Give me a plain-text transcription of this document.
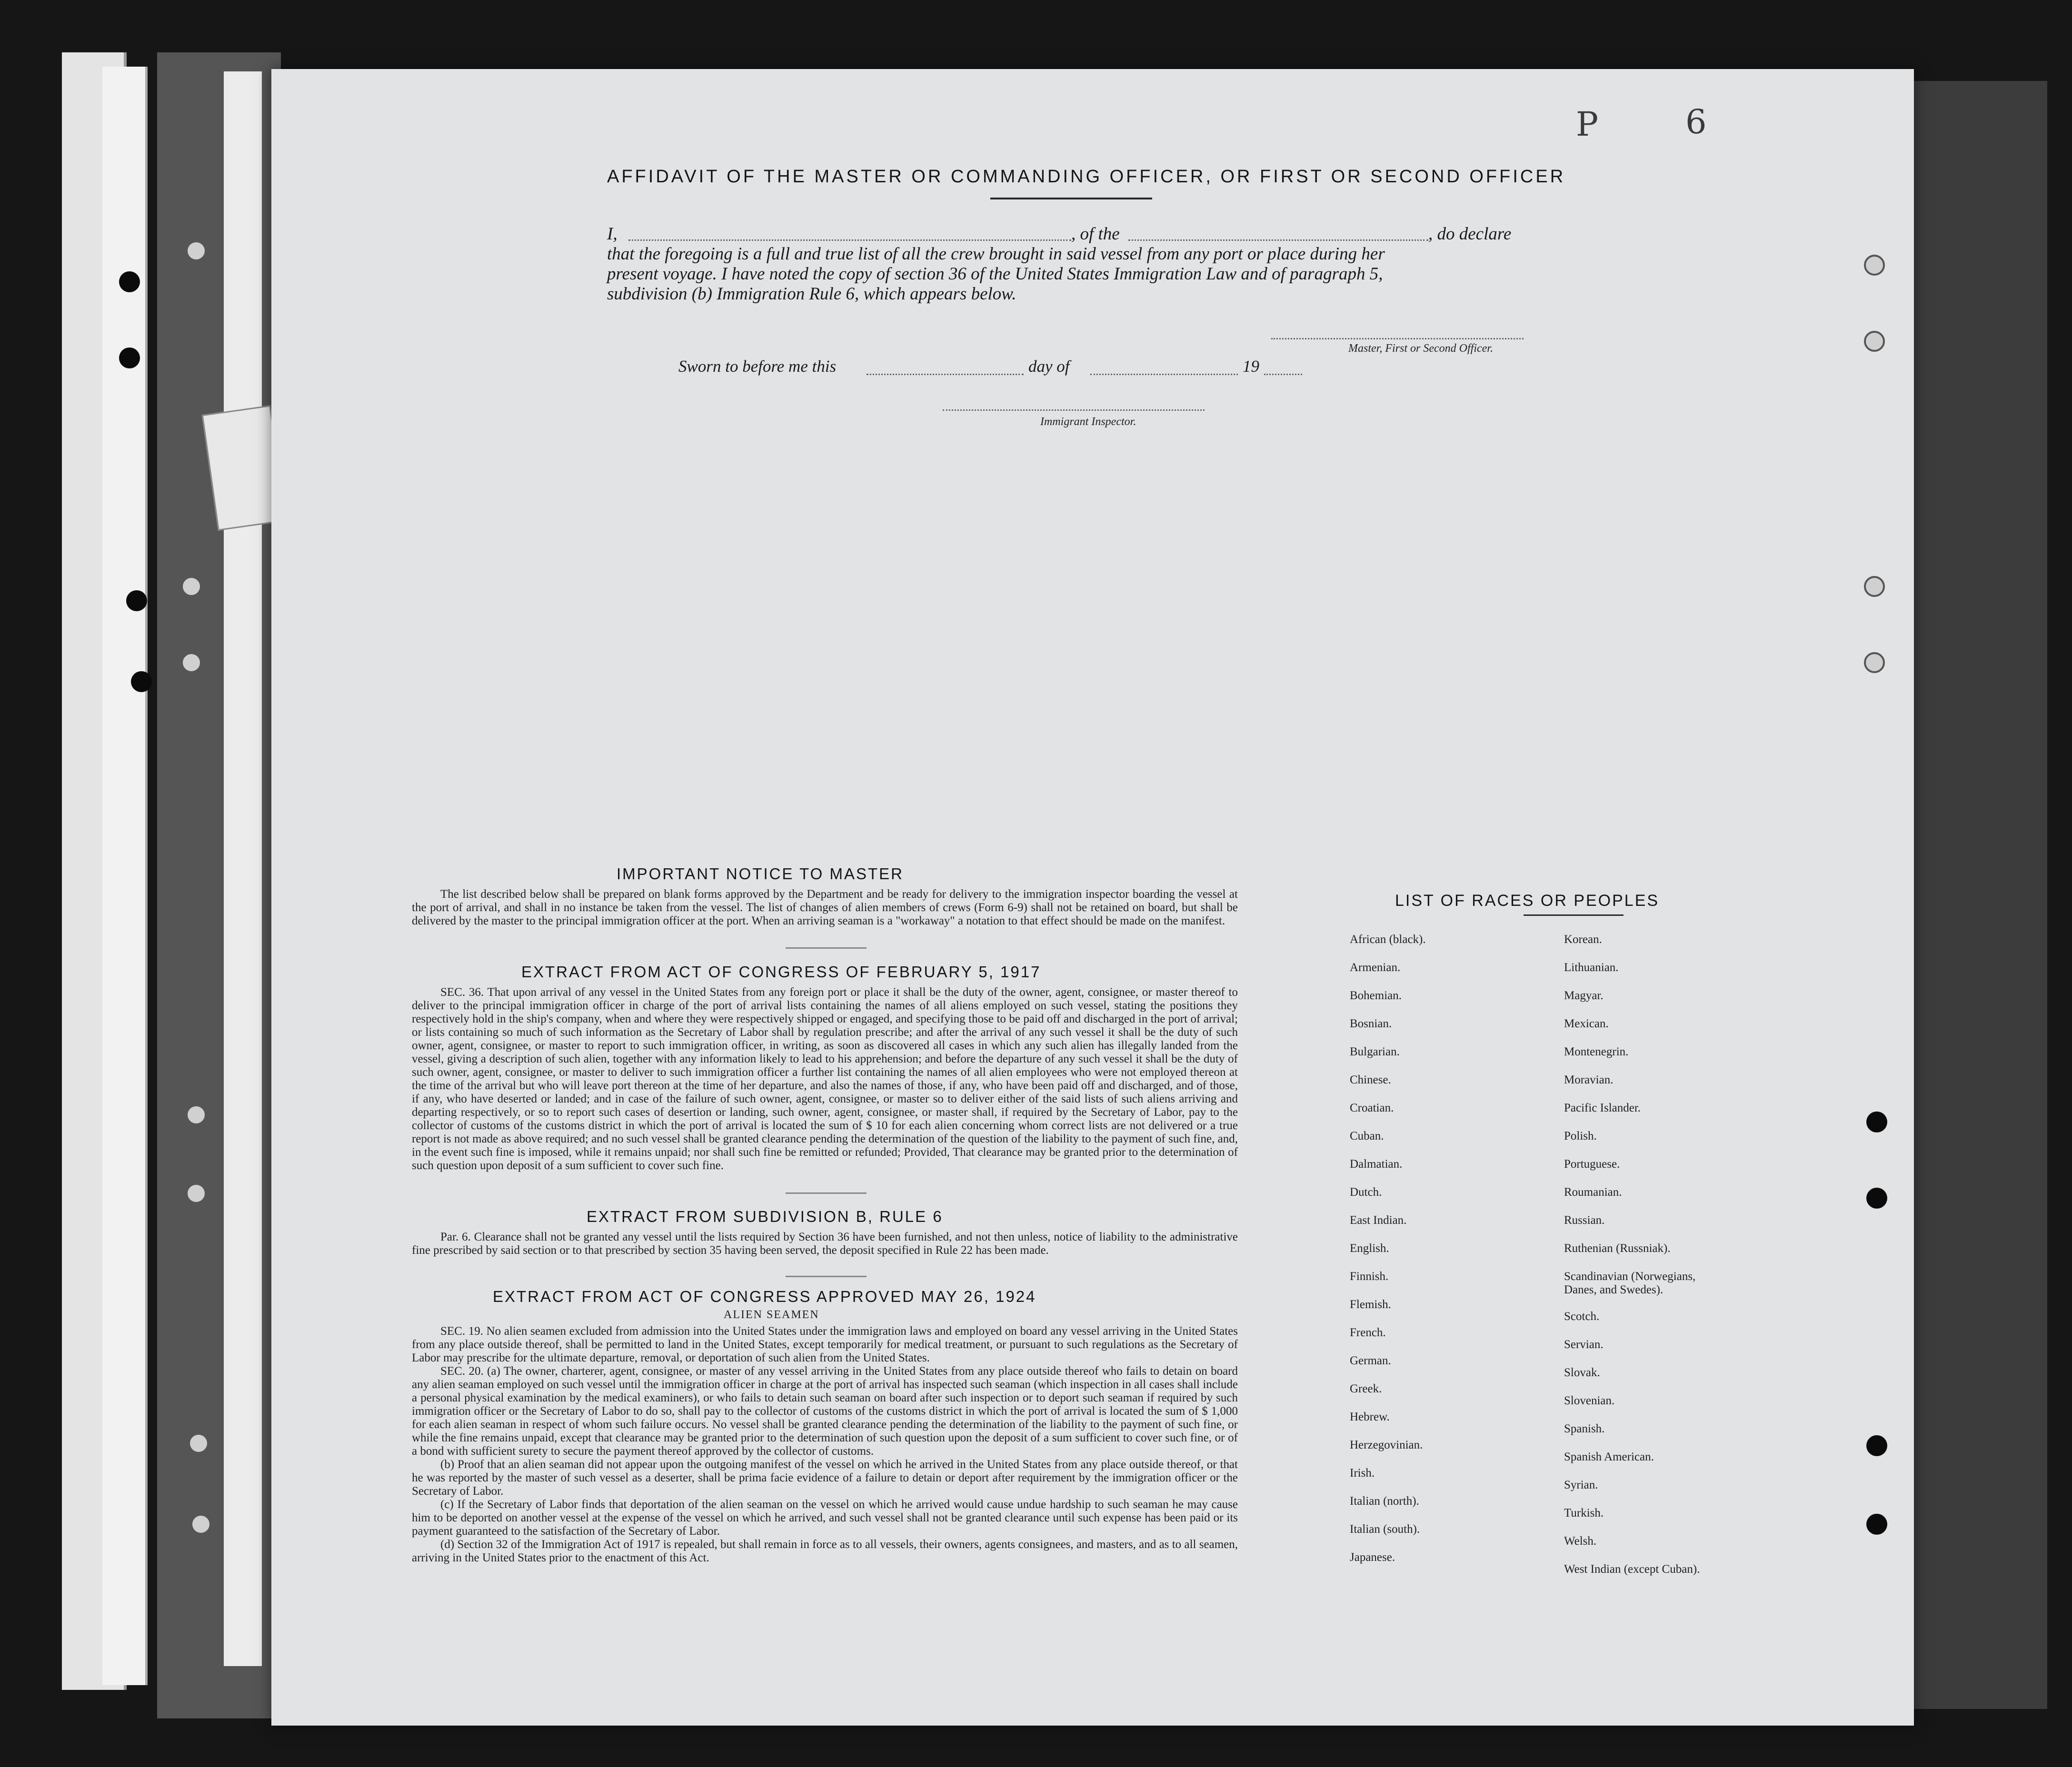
P	6
AFFIDAVIT OF THE MASTER OR COMMANDING OFFICER, OR FIRST OR SECOND OFFICER
I,	, of the	, do declare
that the foregoing is a full and true list of all the crew brought in said vessel from any port or place during her
present voyage. I have noted the copy of section 36 of the United States Immigration Law and of paragraph 5,
subdivision (b) Immigration Rule 6, which appears below.
Master, First or Second Officer.
Sworn to before me this	day of	19
Immigrant Inspector.
IMPORTANT NOTICE TO MASTER

The list described below shall be prepared on blank forms approved by the Department and be ready for delivery to the immigration inspector boarding the vessel at the port of arrival, and shall in no instance be taken from the vessel. The list of changes of alien members of crews (Form 6-9) shall not be retained on board, but shall be delivered by the master to the principal immigration officer at the port. When an arriving seaman is a "workaway" a notation to that effect should be made on the manifest.

EXTRACT FROM ACT OF CONGRESS OF FEBRUARY 5, 1917

SEC. 36. That upon arrival of any vessel in the United States from any foreign port or place it shall be the duty of the owner, agent, consignee, or master thereof to deliver to the principal immigration officer in charge of the port of arrival lists containing the names of all aliens employed on such vessel, stating the positions they respectively hold in the ship's company, when and where they were respectively shipped or engaged, and specifying those to be paid off and discharged in the port of arrival; or lists containing so much of such information as the Secretary of Labor shall by regulation prescribe; and after the arrival of any such vessel it shall be the duty of such owner, agent, consignee, or master to report to such immigration officer, in writing, as soon as discovered all cases in which any such alien has illegally landed from the vessel, giving a description of such alien, together with any information likely to lead to his apprehension; and before the departure of any such vessel it shall be the duty of such owner, agent, consignee, or master to deliver to such immigration officer a further list containing the names of all alien employees who were not employed thereon at the time of the arrival but who will leave port thereon at the time of her departure, and also the names of those, if any, who have been paid off and discharged, and of those, if any, who have deserted or landed; and in case of the failure of such owner, agent, consignee, or master so to deliver either of the said lists of such aliens arriving and departing respectively, or so to report such cases of desertion or landing, such owner, agent, consignee, or master shall, if required by the Secretary of Labor, pay to the collector of customs of the customs district in which the port of arrival is located the sum of $ 10 for each alien concerning whom correct lists are not delivered or a true report is not made as above required; and no such vessel shall be granted clearance pending the determination of the question of the liability to the payment of such fine, and, in the event such fine is imposed, while it remains unpaid; nor shall such fine be remitted or refunded; Provided, That clearance may be granted prior to the determination of such question upon deposit of a sum sufficient to cover such fine.

EXTRACT FROM SUBDIVISION B, RULE 6

Par. 6. Clearance shall not be granted any vessel until the lists required by Section 36 have been furnished, and not then unless, notice of liability to the administrative fine prescribed by said section or to that prescribed by section 35 having been served, the deposit specified in Rule 22 has been made.

EXTRACT FROM ACT OF CONGRESS APPROVED MAY 26, 1924
ALIEN SEAMEN

SEC. 19. No alien seamen excluded from admission into the United States under the immigration laws and employed on board any vessel arriving in the United States from any place outside thereof, shall be permitted to land in the United States, except temporarily for medical treatment, or pursuant to such regulations as the Secretary of Labor may prescribe for the ultimate departure, removal, or deportation of such alien from the United States.

SEC. 20. (a) The owner, charterer, agent, consignee, or master of any vessel arriving in the United States from any place outside thereof who fails to detain on board any alien seaman employed on such vessel until the immigration officer in charge at the port of arrival has inspected such seaman (which inspection in all cases shall include a personal physical examination by the medical examiners), or who fails to detain such seaman on board after such inspection or to deport such seaman if required by such immigration officer or the Secretary of Labor to do so, shall pay to the collector of customs of the customs district in which the port of arrival is located the sum of $ 1,000 for each alien seaman in respect of whom such failure occurs. No vessel shall be granted clearance pending the determination of the liability to the payment of such fine, or while the fine remains unpaid, except that clearance may be granted prior to the determination of such question upon the deposit of a sum sufficient to cover such fine, or of a bond with sufficient surety to secure the payment thereof approved by the collector of customs.

(b) Proof that an alien seaman did not appear upon the outgoing manifest of the vessel on which he arrived in the United States from any place outside thereof, or that he was reported by the master of such vessel as a deserter, shall be prima facie evidence of a failure to detain or deport after requirement by the immigration officer or the Secretary of Labor.

(c) If the Secretary of Labor finds that deportation of the alien seaman on the vessel on which he arrived would cause undue hardship to such seaman he may cause him to be deported on another vessel at the expense of the vessel on which he arrived, and such vessel shall not be granted clearance until such expense has been paid or its payment guaranteed to the satisfaction of the Secretary of Labor.

(d) Section 32 of the Immigration Act of 1917 is repealed, but shall remain in force as to all vessels, their owners, agents consignees, and masters, and as to all seamen, arriving in the United States prior to the enactment of this Act.

LIST OF RACES OR PEOPLES
African (black).
Armenian.
Bohemian.
Bosnian.
Bulgarian.
Chinese.
Croatian.
Cuban.
Dalmatian.
Dutch.
East Indian.
English.
Finnish.
Flemish.
French.
German.
Greek.
Hebrew.
Herzegovinian.
Irish.
Italian (north).
Italian (south).
Japanese.
Korean.
Lithuanian.
Magyar.
Mexican.
Montenegrin.
Moravian.
Pacific Islander.
Polish.
Portuguese.
Roumanian.
Russian.
Ruthenian (Russniak).
Scandinavian (Norwegians,
Danes, and Swedes).
Scotch.
Servian.
Slovak.
Slovenian.
Spanish.
Spanish American.
Syrian.
Turkish.
Welsh.
West Indian (except Cuban).
